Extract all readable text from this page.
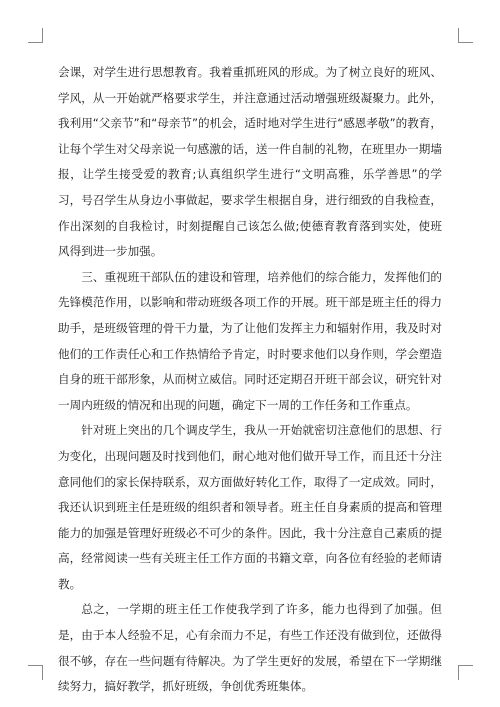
会课，对学生进行思想教育。我着重抓班风的形成。为了树立良好的班风、学风，从一开始就严格要求学生，并注意通过活动增强班级凝聚力。此外，我利用“父亲节”和“母亲节”的机会，适时地对学生进行“感恩孝敬”的教育，让每个学生对父母亲说一句感激的话，送一件自制的礼物，在班里办一期墙报，让学生接受爱的教育;认真组织学生进行“文明高雅，乐学善思”的学习，号召学生从身边小事做起，要求学生根据自身，进行细致的自我检查，作出深刻的自我检讨，时刻提醒自己该怎么做;使德育教育落到实处，使班风得到进一步加强。

三、重视班干部队伍的建设和管理，培养他们的综合能力，发挥他们的先锋模范作用，以影响和带动班级各项工作的开展。班干部是班主任的得力助手，是班级管理的骨干力量，为了让他们发挥主力和辐射作用，我及时对他们的工作责任心和工作热情给予肯定，时时要求他们以身作则，学会塑造自身的班干部形象，从而树立威信。同时还定期召开班干部会议，研究针对一周内班级的情况和出现的问题，确定下一周的工作任务和工作重点。

针对班上突出的几个调皮学生，我从一开始就密切注意他们的思想、行为变化，出现问题及时找到他们，耐心地对他们做开导工作，而且还十分注意同他们的家长保持联系，双方面做好转化工作，取得了一定成效。同时，我还认识到班主任是班级的组织者和领导者。班主任自身素质的提高和管理能力的加强是管理好班级必不可少的条件。因此，我十分注意自己素质的提高，经常阅读一些有关班主任工作方面的书籍文章，向各位有经验的老师请教。

总之，一学期的班主任工作使我学到了许多，能力也得到了加强。但是，由于本人经验不足，心有余而力不足，有些工作还没有做到位，还做得很不够，存在一些问题有待解决。为了学生更好的发展，希望在下一学期继续努力，搞好教学，抓好班级，争创优秀班集体。
